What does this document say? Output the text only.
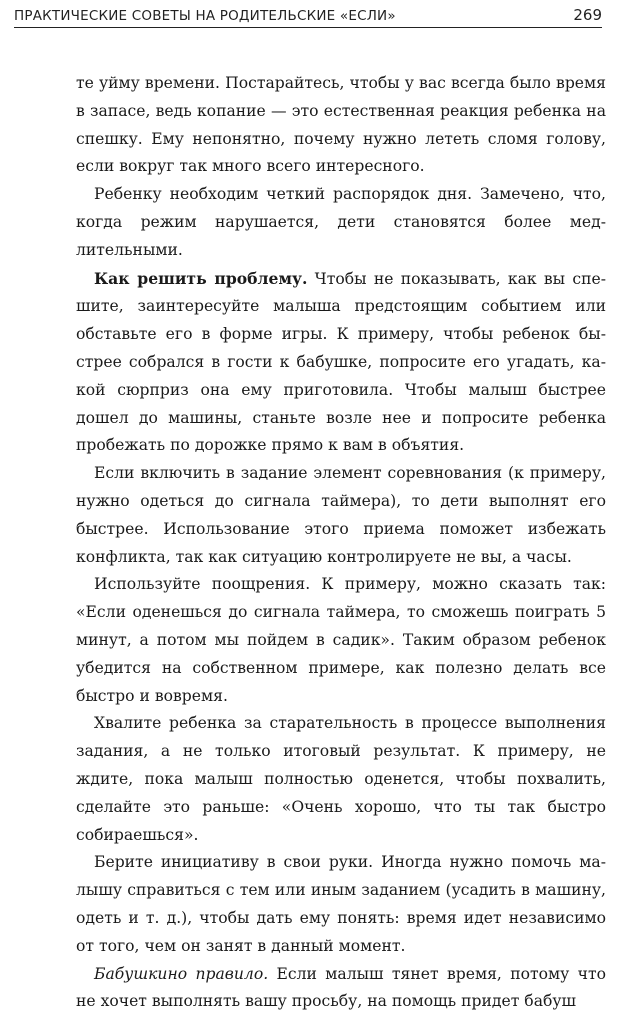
ПРАКТИЧЕСКИЕ СОВЕТЫ НА РОДИТЕЛЬСКИЕ «ЕСЛИ»	269

те уйму времени. Постарайтесь, чтобы у вас всегда было время в запасе, ведь копание — это естественная реакция ребенка на спешку. Ему непонятно, почему нужно лететь сломя голову, если вокруг так много всего интересного.

Ребенку необходим четкий распорядок дня. Замечено, что, когда режим нарушается, дети становятся более медлительными.

Как решить проблему. Чтобы не показывать, как вы спешите, заинтересуйте малыша предстоящим событием или обставьте его в форме игры. К примеру, чтобы ребенок быстрее собрался в гости к бабушке, попросите его угадать, какой сюрприз она ему приготовила. Чтобы малыш быстрее дошел до машины, станьте возле нее и попросите ребенка пробежать по дорожке прямо к вам в объятия.

Если включить в задание элемент соревнования (к примеру, нужно одеться до сигнала таймера), то дети выполнят его быстрее. Использование этого приема поможет избежать конфликта, так как ситуацию контролируете не вы, а часы.

Используйте поощрения. К примеру, можно сказать так: «Если оденешься до сигнала таймера, то сможешь поиграть 5 минут, а потом мы пойдем в садик». Таким образом ребенок убедится на собственном примере, как полезно делать все быстро и вовремя.

Хвалите ребенка за старательность в процессе выполнения задания, а не только итоговый результат. К примеру, не ждите, пока малыш полностью оденется, чтобы похвалить, сделайте это раньше: «Очень хорошо, что ты так быстро собираешься».

Берите инициативу в свои руки. Иногда нужно помочь малышу справиться с тем или иным заданием (усадить в машину, одеть и т. д.), чтобы дать ему понять: время идет независимо от того, чем он занят в данный момент.

Бабушкино правило. Если малыш тянет время, потому что не хочет выполнять вашу просьбу, на помощь придет бабуш
